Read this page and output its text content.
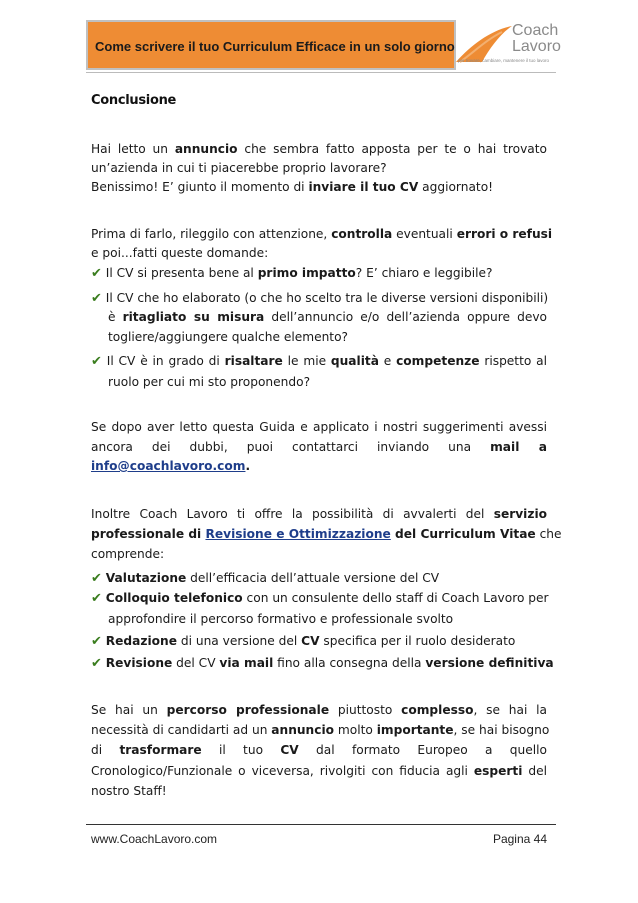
Come scrivere il tuo Curriculum Efficace in un solo giorno
Coach
Lavoro
per trovare, cambiare, mantenere il tuo lavoro
Conclusione
Hai letto un annuncio che sembra fatto apposta per te o hai trovato
un’azienda in cui ti piacerebbe proprio lavorare?
Benissimo! E’ giunto il momento di inviare il tuo CV aggiornato!
Prima di farlo, rileggilo con attenzione, controlla eventuali errori o refusi
e poi...fatti queste domande:
✔ Il CV si presenta bene al primo impatto? E’ chiaro e leggibile?
✔ Il CV che ho elaborato (o che ho scelto tra le diverse versioni disponibili)
è ritagliato su misura dell’annuncio e/o dell’azienda oppure devo
togliere/aggiungere qualche elemento?
✔ Il CV è in grado di risaltare le mie qualità e competenze rispetto al
ruolo per cui mi sto proponendo?
Se dopo aver letto questa Guida e applicato i nostri suggerimenti avessi
ancora dei dubbi, puoi contattarci inviando una mail a
info@coachlavoro.com.
Inoltre Coach Lavoro ti offre la possibilità di avvalerti del servizio
professionale di Revisione e Ottimizzazione del Curriculum Vitae che
comprende:
✔ Valutazione dell’efficacia dell’attuale versione del CV
✔ Colloquio telefonico con un consulente dello staff di Coach Lavoro per
approfondire il percorso formativo e professionale svolto
✔ Redazione di una versione del CV specifica per il ruolo desiderato
✔ Revisione del CV via mail fino alla consegna della versione definitiva
Se hai un percorso professionale piuttosto complesso, se hai la
necessità di candidarti ad un annuncio molto importante, se hai bisogno
di trasformare il tuo CV dal formato Europeo a quello
Cronologico/Funzionale o viceversa, rivolgiti con fiducia agli esperti del
nostro Staff!
www.CoachLavoro.com	Pagina 44
